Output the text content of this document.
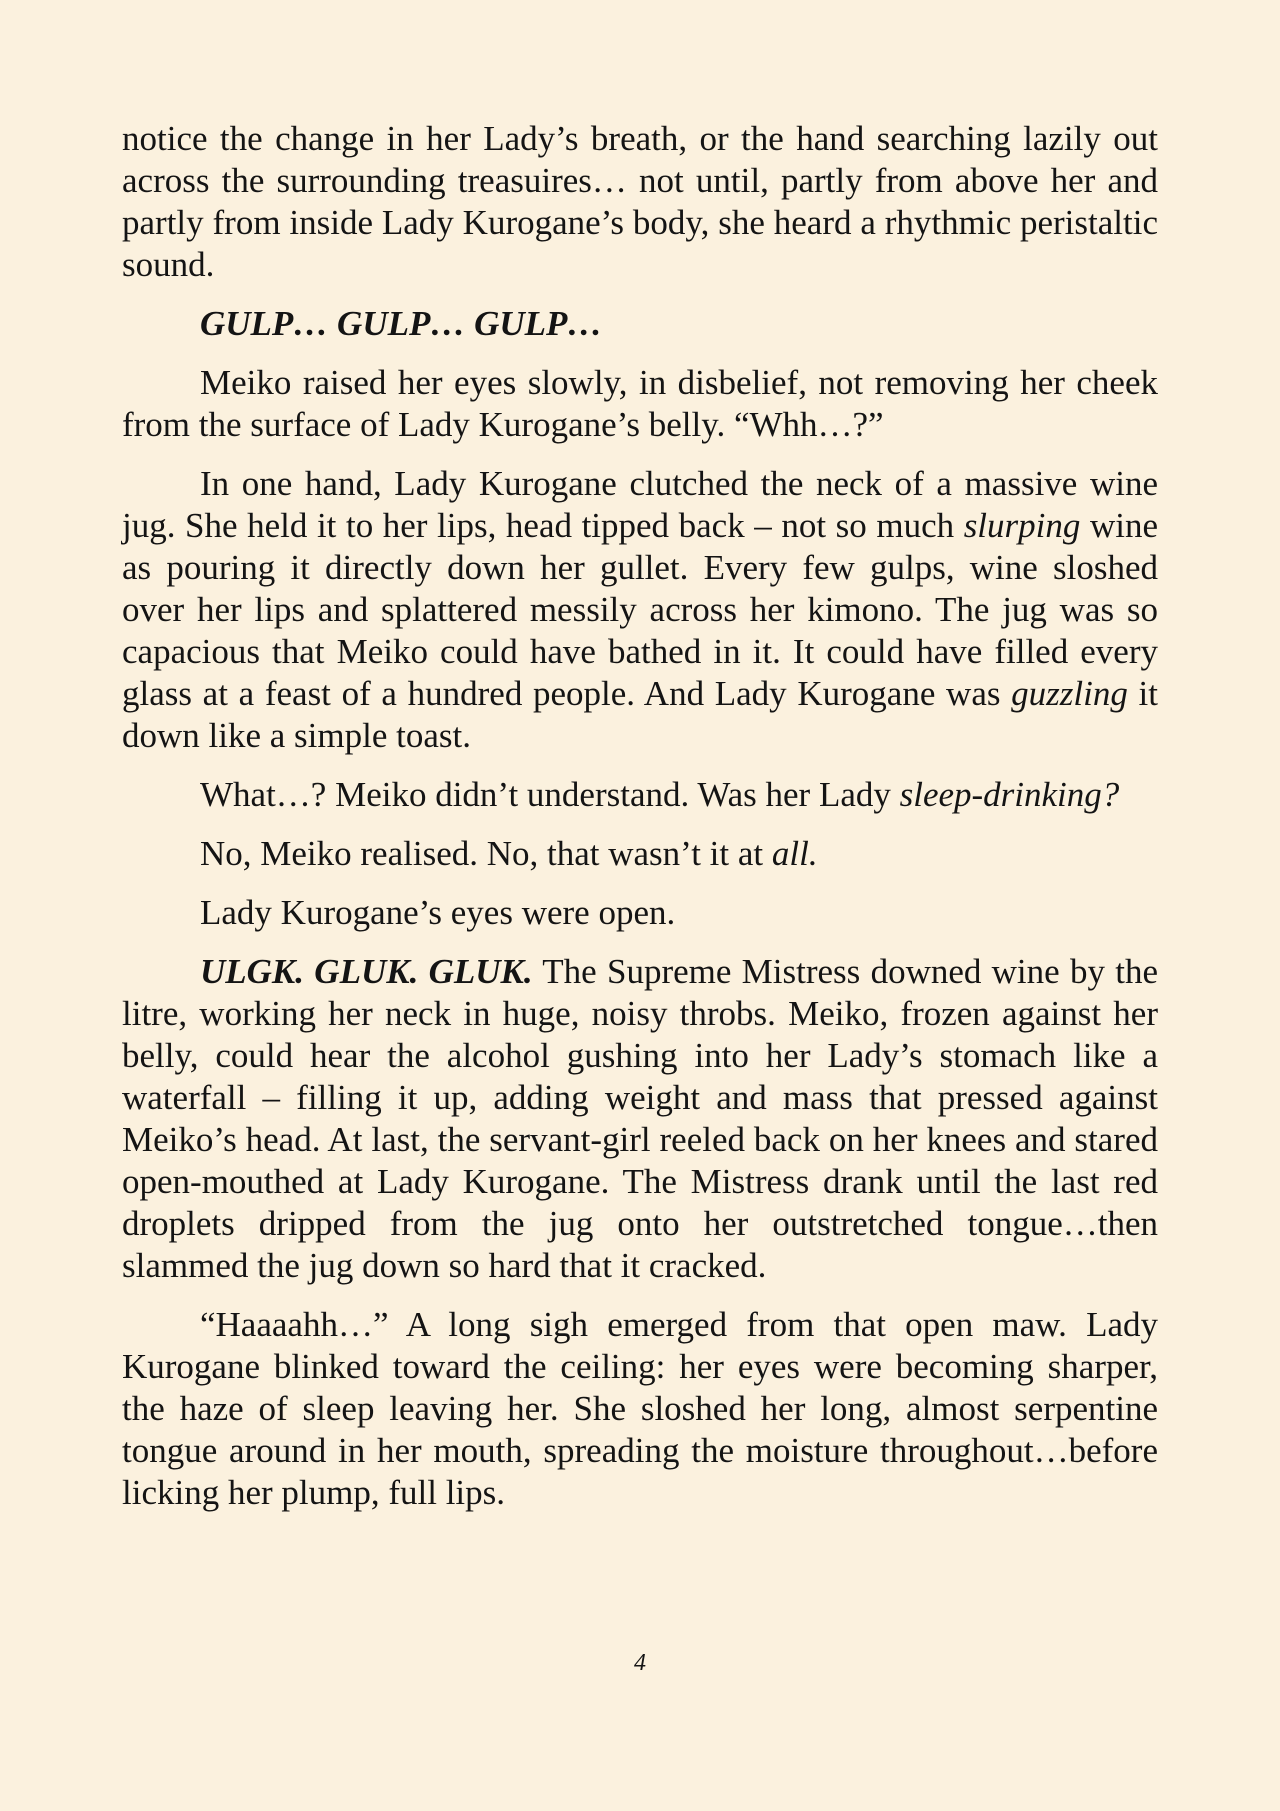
notice the change in her Lady’s breath, or the hand searching lazily out across the surrounding treasuires… not until, partly from above her and partly from inside Lady Kurogane’s body, she heard a rhythmic peristaltic sound.

GULP… GULP… GULP…

Meiko raised her eyes slowly, in disbelief, not removing her cheek from the surface of Lady Kurogane’s belly. “Whh…?”

In one hand, Lady Kurogane clutched the neck of a massive wine jug. She held it to her lips, head tipped back – not so much slurping wine as pouring it directly down her gullet. Every few gulps, wine sloshed over her lips and splattered messily across her kimono. The jug was so capacious that Meiko could have bathed in it. It could have filled every glass at a feast of a hundred people. And Lady Kurogane was guzzling it down like a simple toast.

What…? Meiko didn’t understand. Was her Lady sleep-drinking?

No, Meiko realised. No, that wasn’t it at all.

Lady Kurogane’s eyes were open.

ULGK. GLUK. GLUK. The Supreme Mistress downed wine by the litre, working her neck in huge, noisy throbs. Meiko, frozen against her belly, could hear the alcohol gushing into her Lady’s stomach like a waterfall – filling it up, adding weight and mass that pressed against Meiko’s head. At last, the servant-girl reeled back on her knees and stared open-mouthed at Lady Kurogane. The Mistress drank until the last red droplets dripped from the jug onto her outstretched tongue…then slammed the jug down so hard that it cracked.

“Haaaahh…” A long sigh emerged from that open maw. Lady Kurogane blinked toward the ceiling: her eyes were becoming sharper, the haze of sleep leaving her. She sloshed her long, almost serpentine tongue around in her mouth, spreading the moisture throughout…before licking her plump, full lips.

4
